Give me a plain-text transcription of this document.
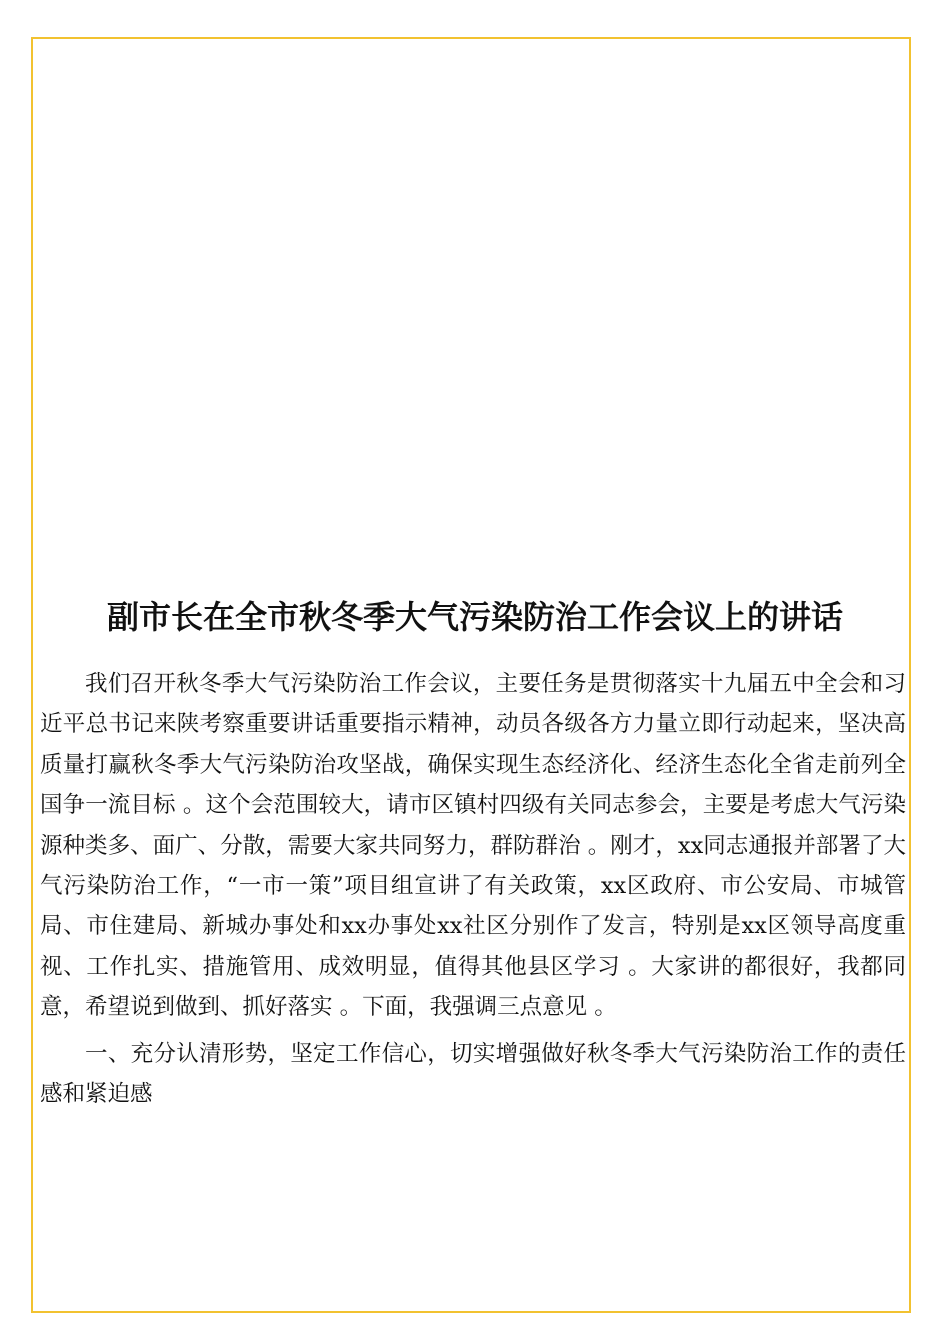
副市长在全市秋冬季大气污染防治工作会议上的讲话

我们召开秋冬季大气污染防治工作会议，主要任务是贯彻落实十九届五中全会和习近平总书记来陕考察重要讲话重要指示精神，动员各级各方力量立即行动起来，坚决高质量打赢秋冬季大气污染防治攻坚战，确保实现生态经济化、经济生态化全省走前列全国争一流目标 。这个会范围较大，请市区镇村四级有关同志参会，主要是考虑大气污染源种类多、面广、分散，需要大家共同努力，群防群治 。刚才，xx同志通报并部署了大气污染防治工作，“一市一策”项目组宣讲了有关政策，xx区政府、市公安局、市城管局、市住建局、新城办事处和xx办事处xx社区分别作了发言，特别是xx区领导高度重视、工作扎实、措施管用、成效明显，值得其他县区学习 。大家讲的都很好，我都同意，希望说到做到、抓好落实 。下面，我强调三点意见 。

一、充分认清形势，坚定工作信心，切实增强做好秋冬季大气污染防治工作的责任感和紧迫感
